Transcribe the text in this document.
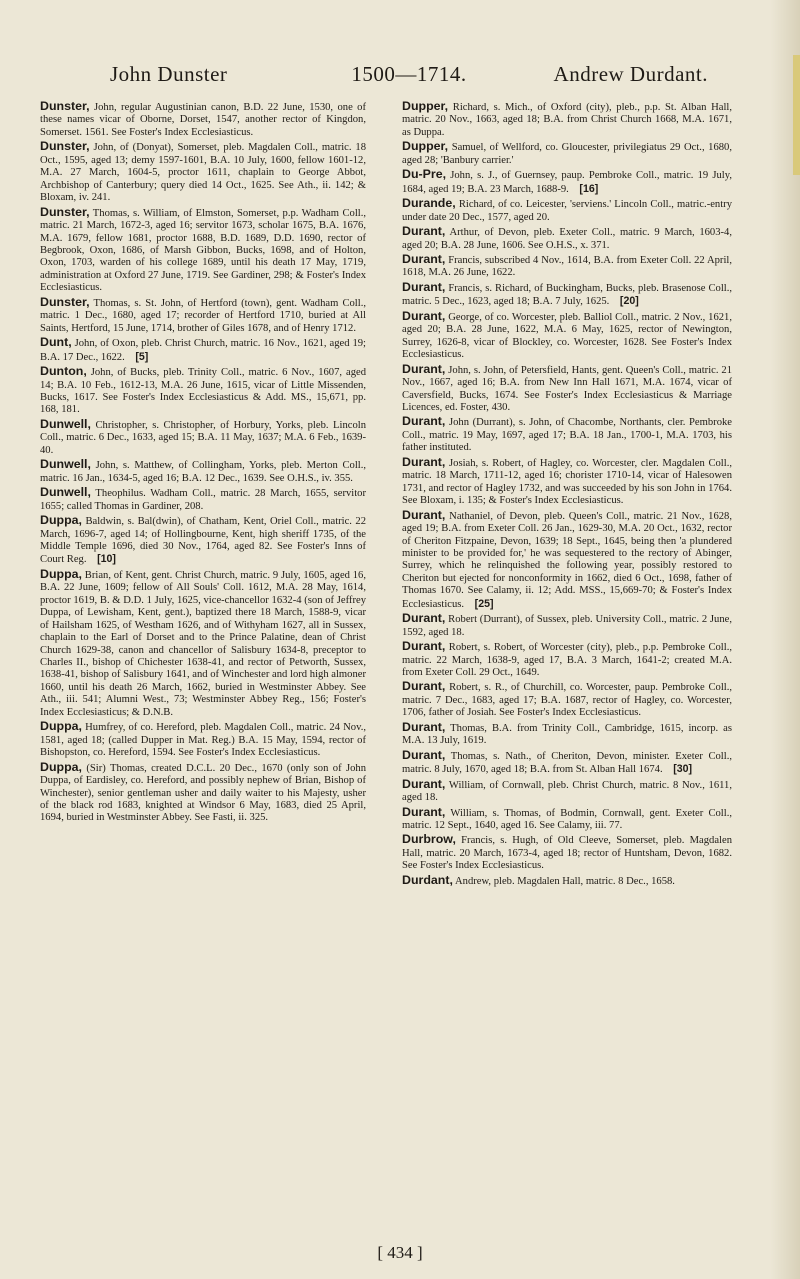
John Dunster	1500—1714.	Andrew Durdant.

Dunster, John, regular Augustinian canon, B.D. 22 June, 1530, one of these names vicar of Oborne, Dorset, 1547, another rector of Kingdon, Somerset. 1561. See Foster's Index Ecclesiasticus.

Dunster, John, of (Donyat), Somerset, pleb. Magdalen Coll., matric. 18 Oct., 1595, aged 13; demy 1597-1601, B.A. 10 July, 1600, fellow 1601-12, M.A. 27 March, 1604-5, proctor 1611, chaplain to George Abbot, Archbishop of Canterbury; query died 14 Oct., 1625. See Ath., ii. 142; & Bloxam, iv. 241.

Dunster, Thomas, s. William, of Elmston, Somerset, p.p. Wadham Coll., matric. 21 March, 1672-3, aged 16; servitor 1673, scholar 1675, B.A. 1676, M.A. 1679, fellow 1681, proctor 1688, B.D. 1689, D.D. 1690, rector of Begbrook, Oxon, 1686, of Marsh Gibbon, Bucks, 1698, and of Holton, Oxon, 1703, warden of his college 1689, until his death 17 May, 1719, administration at Oxford 27 June, 1719. See Gardiner, 298; & Foster's Index Ecclesiasticus.

Dunster, Thomas, s. St. John, of Hertford (town), gent. Wadham Coll., matric. 1 Dec., 1680, aged 17; recorder of Hertford 1710, buried at All Saints, Hertford, 15 June, 1714, brother of Giles 1678, and of Henry 1712.

Dunt, John, of Oxon, pleb. Christ Church, matric. 16 Nov., 1621, aged 19; B.A. 17 Dec., 1622. [5]

Dunton, John, of Bucks, pleb. Trinity Coll., matric. 6 Nov., 1607, aged 14; B.A. 10 Feb., 1612-13, M.A. 26 June, 1615, vicar of Little Missenden, Bucks, 1617. See Foster's Index Ecclesiasticus & Add. MS., 15,671, pp. 168, 181.

Dunwell, Christopher, s. Christopher, of Horbury, Yorks, pleb. Lincoln Coll., matric. 6 Dec., 1633, aged 15; B.A. 11 May, 1637; M.A. 6 Feb., 1639-40.

Dunwell, John, s. Matthew, of Collingham, Yorks, pleb. Merton Coll., matric. 16 Jan., 1634-5, aged 16; B.A. 12 Dec., 1639. See O.H.S., iv. 355.

Dunwell, Theophilus. Wadham Coll., matric. 28 March, 1655, servitor 1655; called Thomas in Gardiner, 208.

Duppa, Baldwin, s. Bal(dwin), of Chatham, Kent, Oriel Coll., matric. 22 March, 1696-7, aged 14; of Hollingbourne, Kent, high sheriff 1735, of the Middle Temple 1696, died 30 Nov., 1764, aged 82. See Foster's Inns of Court Reg. [10]

Duppa, Brian, of Kent, gent. Christ Church, matric. 9 July, 1605, aged 16, B.A. 22 June, 1609; fellow of All Souls' Coll. 1612, M.A. 28 May, 1614, proctor 1619, B. & D.D. 1 July, 1625, vice-chancellor 1632-4 (son of Jeffrey Duppa, of Lewisham, Kent, gent.), baptized there 18 March, 1588-9, vicar of Hailsham 1625, of Westham 1626, and of Withyham 1627, all in Sussex, chaplain to the Earl of Dorset and to the Prince Palatine, dean of Christ Church 1629-38, canon and chancellor of Salisbury 1634-8, preceptor to Charles II., bishop of Chichester 1638-41, and rector of Petworth, Sussex, 1638-41, bishop of Salisbury 1641, and of Winchester and lord high almoner 1660, until his death 26 March, 1662, buried in Westminster Abbey. See Ath., iii. 541; Alumni West., 73; Westminster Abbey Reg., 156; Foster's Index Ecclesiasticus; & D.N.B.

Duppa, Humfrey, of co. Hereford, pleb. Magdalen Coll., matric. 24 Nov., 1581, aged 18; (called Dupper in Mat. Reg.) B.A. 15 May, 1594, rector of Bishopston, co. Hereford, 1594. See Foster's Index Ecclesiasticus.

Duppa, (Sir) Thomas, created D.C.L. 20 Dec., 1670 (only son of John Duppa, of Eardisley, co. Hereford, and possibly nephew of Brian, Bishop of Winchester), senior gentleman usher and daily waiter to his Majesty, usher of the black rod 1683, knighted at Windsor 6 May, 1683, died 25 April, 1694, buried in Westminster Abbey. See Fasti, ii. 325.

Dupper, Richard, s. Mich., of Oxford (city), pleb., p.p. St. Alban Hall, matric. 20 Nov., 1663, aged 18; B.A. from Christ Church 1668, M.A. 1671, as Duppa.

Dupper, Samuel, of Wellford, co. Gloucester, privilegiatus 29 Oct., 1680, aged 28; 'Banbury carrier.'

Du-Pre, John, s. J., of Guernsey, paup. Pembroke Coll., matric. 19 July, 1684, aged 19; B.A. 23 March, 1688-9. [16]

Durande, Richard, of co. Leicester, 'serviens.' Lincoln Coll., matric.-entry under date 20 Dec., 1577, aged 20.

Durant, Arthur, of Devon, pleb. Exeter Coll., matric. 9 March, 1603-4, aged 20; B.A. 28 June, 1606. See O.H.S., x. 371.

Durant, Francis, subscribed 4 Nov., 1614, B.A. from Exeter Coll. 22 April, 1618, M.A. 26 June, 1622.

Durant, Francis, s. Richard, of Buckingham, Bucks, pleb. Brasenose Coll., matric. 5 Dec., 1623, aged 18; B.A. 7 July, 1625. [20]

Durant, George, of co. Worcester, pleb. Balliol Coll., matric. 2 Nov., 1621, aged 20; B.A. 28 June, 1622, M.A. 6 May, 1625, rector of Newington, Surrey, 1626-8, vicar of Blockley, co. Worcester, 1628. See Foster's Index Ecclesiasticus.

Durant, John, s. John, of Petersfield, Hants, gent. Queen's Coll., matric. 21 Nov., 1667, aged 16; B.A. from New Inn Hall 1671, M.A. 1674, vicar of Caversfield, Bucks, 1674. See Foster's Index Ecclesiasticus & Marriage Licences, ed. Foster, 430.

Durant, John (Durrant), s. John, of Chacombe, Northants, cler. Pembroke Coll., matric. 19 May, 1697, aged 17; B.A. 18 Jan., 1700-1, M.A. 1703, his father instituted.

Durant, Josiah, s. Robert, of Hagley, co. Worcester, cler. Magdalen Coll., matric. 18 March, 1711-12, aged 16; chorister 1710-14, vicar of Halesowen 1731, and rector of Hagley 1732, and was succeeded by his son John in 1764. See Bloxam, i. 135; & Foster's Index Ecclesiasticus.

Durant, Nathaniel, of Devon, pleb. Queen's Coll., matric. 21 Nov., 1628, aged 19; B.A. from Exeter Coll. 26 Jan., 1629-30, M.A. 20 Oct., 1632, rector of Cheriton Fitzpaine, Devon, 1639; 18 Sept., 1645, being then 'a plundered minister to be provided for,' he was sequestered to the rectory of Abinger, Surrey, which he relinquished the following year, possibly restored to Cheriton but ejected for nonconformity in 1662, died 6 Oct., 1698, father of Thomas 1670. See Calamy, ii. 12; Add. MSS., 15,669-70; & Foster's Index Ecclesiasticus. [25]

Durant, Robert (Durrant), of Sussex, pleb. University Coll., matric. 2 June, 1592, aged 18.

Durant, Robert, s. Robert, of Worcester (city), pleb., p.p. Pembroke Coll., matric. 22 March, 1638-9, aged 17, B.A. 3 March, 1641-2; created M.A. from Exeter Coll. 29 Oct., 1649.

Durant, Robert, s. R., of Churchill, co. Worcester, paup. Pembroke Coll., matric. 7 Dec., 1683, aged 17; B.A. 1687, rector of Hagley, co. Worcester, 1706, father of Josiah. See Foster's Index Ecclesiasticus.

Durant, Thomas, B.A. from Trinity Coll., Cambridge, 1615, incorp. as M.A. 13 July, 1619.

Durant, Thomas, s. Nath., of Cheriton, Devon, minister. Exeter Coll., matric. 8 July, 1670, aged 18; B.A. from St. Alban Hall 1674. [30]

Durant, William, of Cornwall, pleb. Christ Church, matric. 8 Nov., 1611, aged 18.

Durant, William, s. Thomas, of Bodmin, Cornwall, gent. Exeter Coll., matric. 12 Sept., 1640, aged 16. See Calamy, iii. 77.

Durbrow, Francis, s. Hugh, of Old Cleeve, Somerset, pleb. Magdalen Hall, matric. 20 March, 1673-4, aged 18; rector of Huntsham, Devon, 1682. See Foster's Index Ecclesiasticus.

Durdant, Andrew, pleb. Magdalen Hall, matric. 8 Dec., 1658.

[ 434 ]
